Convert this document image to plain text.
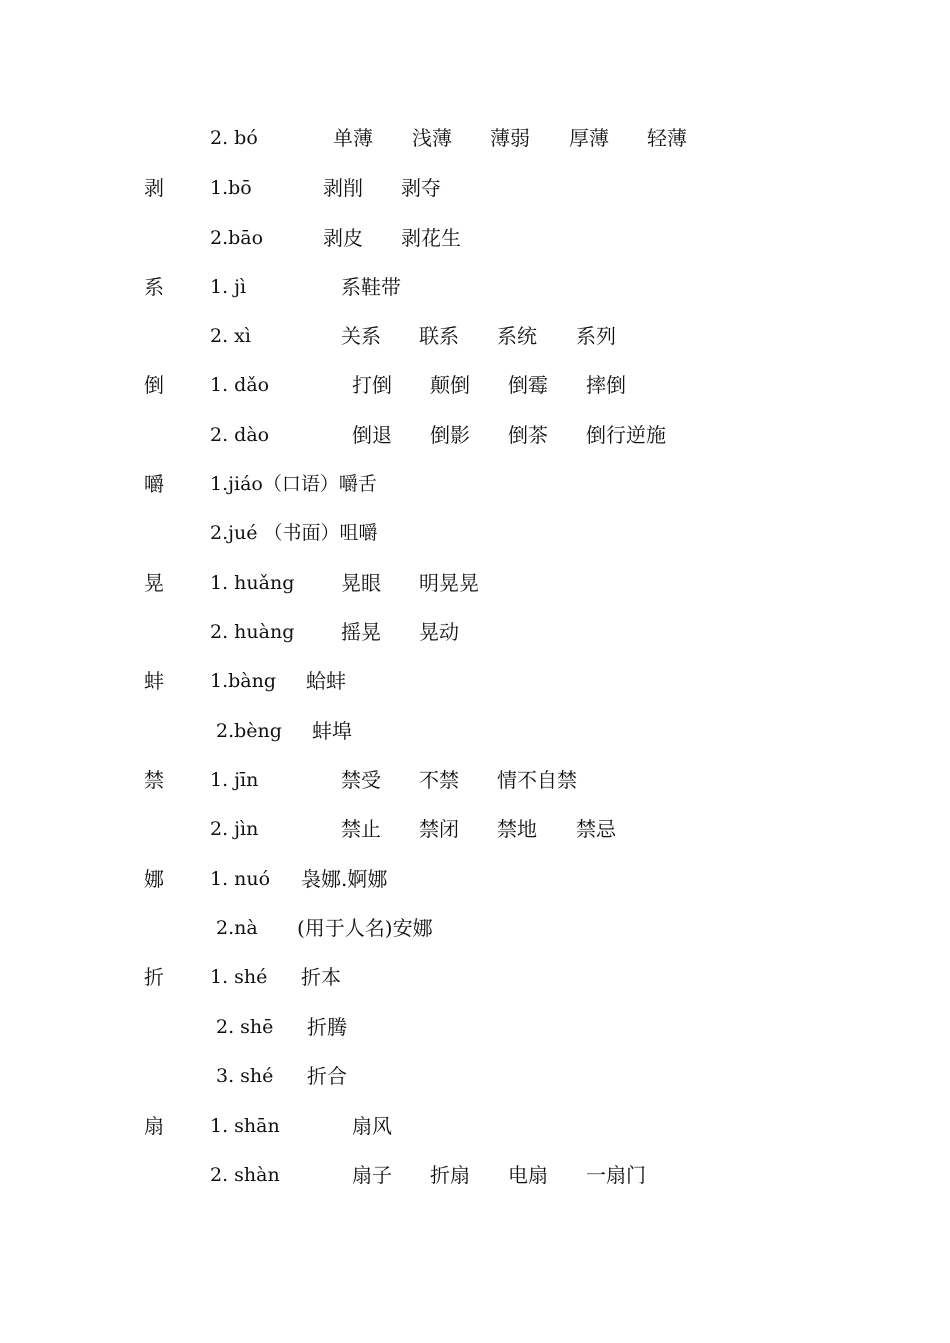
2. bó	单薄 浅薄 薄弱 厚薄 轻薄
剥 1.bō	剥削 剥夺
2.bāo	剥皮 剥花生
系 1. jì	系鞋带
2. xì	关系 联系 系统 系列
倒 1. dǎo	打倒 颠倒 倒霉 摔倒
2. dào	倒退 倒影 倒茶 倒行逆施
嚼 1.jiáo（口语）嚼舌
2.jué （书面）咀嚼
晃 1. huǎng 晃眼 明晃晃
2. huàng 摇晃 晃动
蚌 1.bàng 蛤蚌
2.bèng 蚌埠
禁 1. jīn	禁受 不禁 情不自禁
2. jìn	禁止 禁闭 禁地 禁忌
娜 1. nuó 袅娜.婀娜
2.nà (用于人名)安娜
折 1. shé 折本
2. shē 折腾
3. shé 折合
扇 1. shān	扇风
2. shàn	扇子 折扇 电扇 一扇门
